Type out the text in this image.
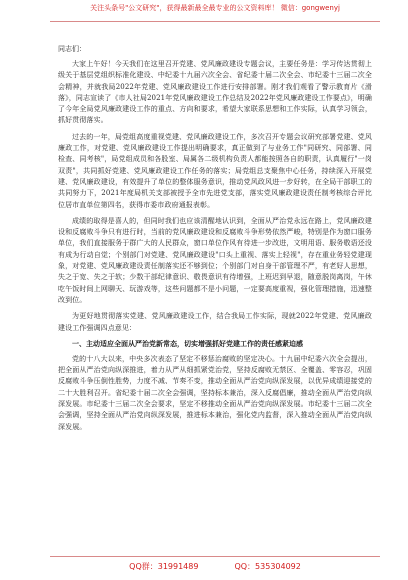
关注头条号"公文研究"，获得最新最全最专业的公文资料库！ 微信：gongwenyj

同志们：

大家上午好！今天我们在这里召开党建、党风廉政建设专题会议，主要任务是：学习传达贯彻上级关于基层党组织标准化建设、中纪委十九届六次全会、省纪委十届二次全会、市纪委十三届二次全会精神，并就我局2022年党建、党风廉政建设工作进行安排部署。刚才我们观看了警示教育片《滑落》，同志宣读了《市人社局2021年党风廉政建设工作总结及2022年党风廉政建设工作要点》，明确了今年全局党风廉政建设工作的重点、方向和要求，希望大家联系思想和工作实际，认真学习领会，抓好贯彻落实。

过去的一年，局党组高度重视党建、党风廉政建设工作，多次召开专题会议研究部署党建、党风廉政工作，对党建、党风廉政建设工作提出明确要求，真正做到了与业务工作"同研究、同部署、同检查、同考核"，局党组成员和各股室、局属各二级机构负责人都能按照各自的职责，认真履行"一岗双责"，共同抓好党建、党风廉政建设工作任务的落实；局党组总支聚焦中心任务，持续深入开展党建、党风廉政建设，有效提升了单位的整体服务意识，推动党风政风进一步好转，在全局干部职工的共同努力下，2021年度局机关支部被授予全市先进党支部，落实党风廉政建设责任制考核综合评比位居市直单位第四名，获得市委市政府通报表彰。

成绩的取得是喜人的，但同时我们也应该清醒地认识到，全面从严治党永远在路上，党风廉政建设和反腐败斗争只有进行时，当前的党风廉政建设和反腐败斗争形势依然严峻，特别是作为窗口服务单位，我们直接服务于群广大的人民群众，窗口单位作风有待进一步改进，文明用语、服务敬语还没有成为行动自觉；个别部门对党建、党风廉政建设"口头上重视、落实上轻视"，存在重业务轻党建现象，对党建、党风廉政建设责任制落实还不够到位；个别部门对自身干部管理不严，有老好人思想，失之于宽、失之于软；少数干部纪律意识、敬畏意识有待增强，上班迟到早退，随意脱岗离岗，午休吃午饭时间上网聊天、玩游戏等，这些问题都不是小问题，一定要高度重视，强化管理措施，迅速整改到位。

为更好地贯彻落实党建、党风廉政建设工作，结合我局工作实际，现就2022年党建、党风廉政建设工作强调四点意见：

一、主动适应全面从严治党新常态，切实增强抓好党建工作的责任感紧迫感

党的十八大以来，中央多次表态了坚定不移惩治腐败的坚定决心。十九届中纪委六次全会提出，把全面从严治党向纵深推进，着力从严从细抓紧党治党，坚持反腐败无禁区、全覆盖、零容忍，巩固反腐败斗争压倒性胜势，力度不减、节奏不变，推动全面从严治党向纵深发展，以优异成绩迎接党的二十大胜利召开。省纪委十届二次全会强调，坚持标本兼治，深入反腐倡廉，推动全面从严治党向纵深发展。市纪委十三届二次全会要求，坚定不移推动全面从严治党向纵深发展。市纪委十三届二次全会强调，坚持全面从严治党向纵深发展，推进标本兼治，强化党内监督，深入推动全面从严治党向纵深发展。

QQ群：31991489	QQ：535304092
